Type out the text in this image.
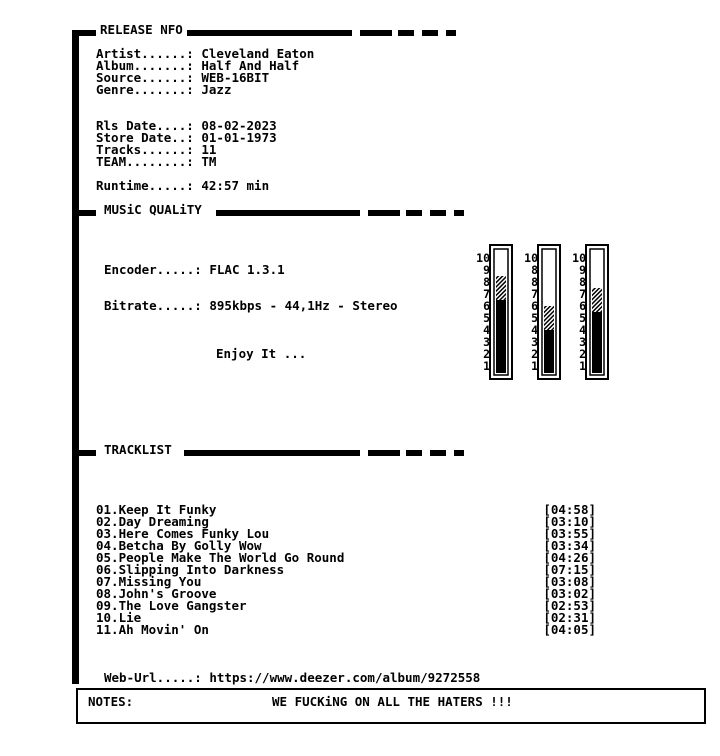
RELEASE NFO
Artist......: Cleveland Eaton
Album.......: Half And Half
Source......: WEB-16BIT
Genre.......: Jazz
Rls Date....: 08-02-2023
Store Date..: 01-01-1973
Tracks......: 11
TEAM........: TM
Runtime.....: 42:57 min
MUSiC QUALiTY
Encoder.....: FLAC 1.3.1
Bitrate.....: 895kbps - 44,1Hz - Stereo
Enjoy It ...
10
9
8
7
6
5
4
3
2
1
10
8
8
7
6
5
4
3
2
1
10
9
8
7
6
5
4
3
2
1
TRACKLIST
01.Keep It Funky	[04:58]
02.Day Dreaming	[03:10]
03.Here Comes Funky Lou	[03:55]
04.Betcha By Golly Wow	[03:34]
05.People Make The World Go Round	[04:26]
06.Slipping Into Darkness	[07:15]
07.Missing You	[03:08]
08.John's Groove	[03:02]
09.The Love Gangster	[02:53]
10.Lie	[02:31]
11.Ah Movin' On	[04:05]
Web-Url.....: https://www.deezer.com/album/9272558
NOTES:	WE FUCKiNG ON ALL THE HATERS !!!
